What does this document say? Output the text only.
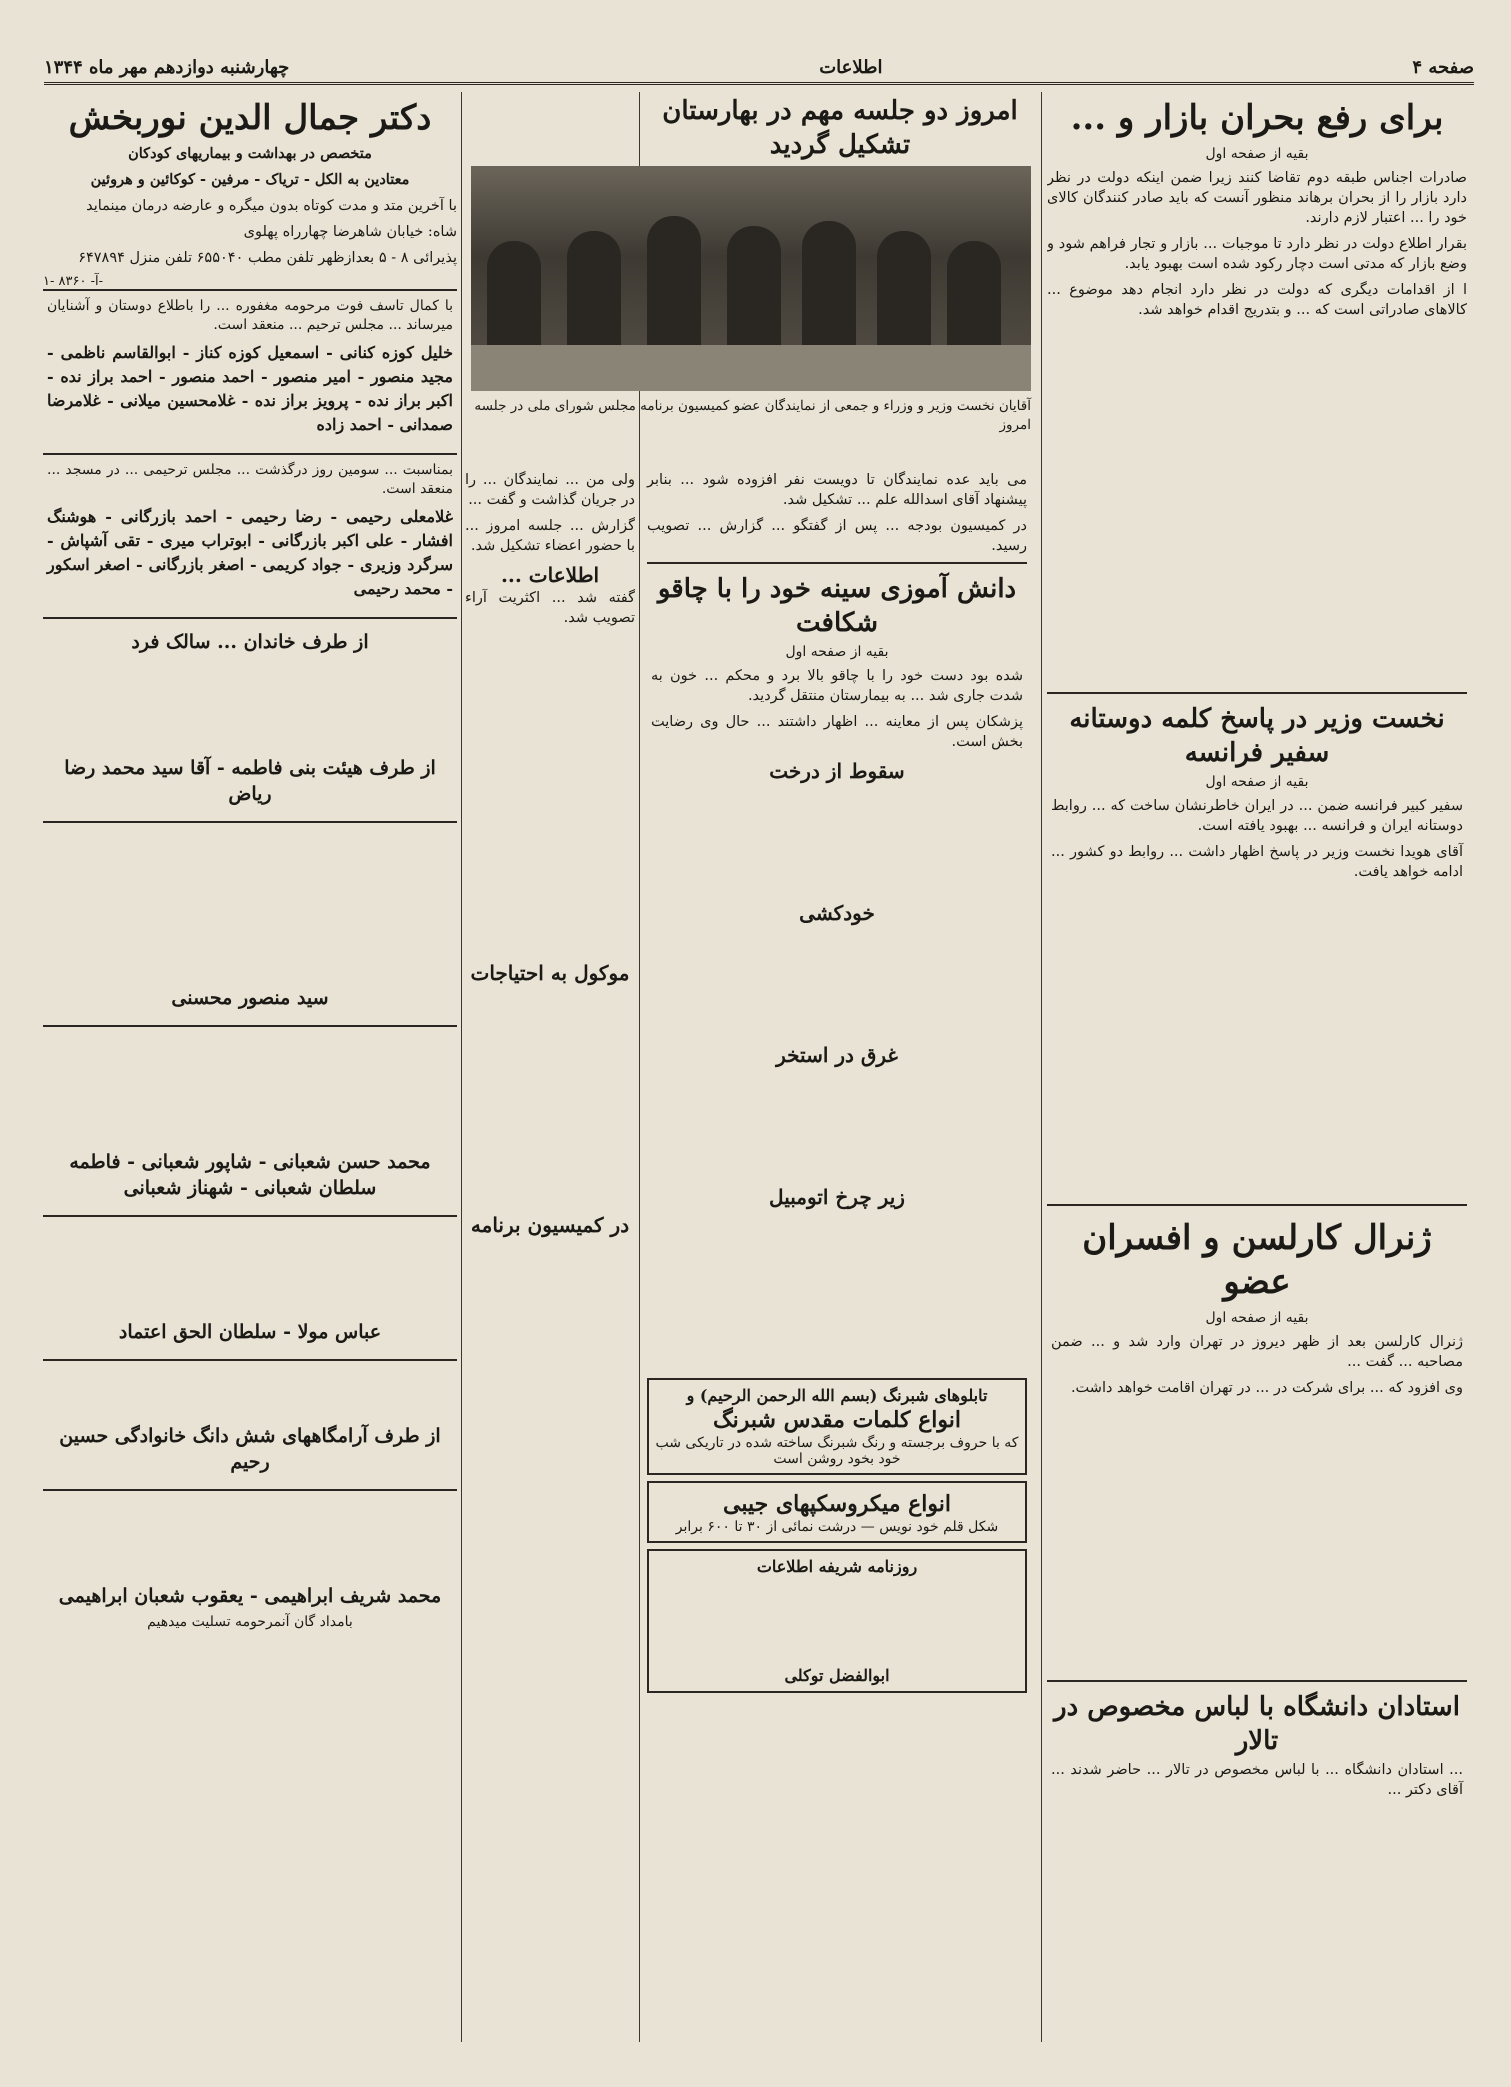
صفحه ۴
اطلاعات
چهارشنبه دوازدهم مهر ماه ۱۳۴۴
برای رفع بحران بازار و ...
بقیه از صفحه اول

صادرات اجناس طبقه دوم تقاضا کنند زیرا ضمن اینکه دولت در نظر دارد بازار را از بحران برهاند منظور آنست که باید صادر کنندگان کالای خود را ... اعتبار لازم دارند.

بقرار اطلاع دولت در نظر دارد تا موجبات ... بازار و تجار فراهم شود و وضع بازار که مدتی است دچار رکود شده است بهبود یابد.

ا از اقدامات دیگری که دولت در نظر دارد انجام دهد موضوع ... کالاهای صادراتی است که ... و بتدریج اقدام خواهد شد.

نخست وزیر در پاسخ کلمه دوستانه سفیر فرانسه
بقیه از صفحه اول

سفیر کبیر فرانسه ضمن ... در ایران خاطرنشان ساخت که ... روابط دوستانه ایران و فرانسه ... بهبود یافته است.

آقای هویدا نخست وزیر در پاسخ اظهار داشت ... روابط دو کشور ... ادامه خواهد یافت.

ژنرال کارلسن و افسران عضو
بقیه از صفحه اول

ژنرال کارلسن بعد از ظهر دیروز در تهران وارد شد و ... ضمن مصاحبه ... گفت ...

وی افزود که ... برای شرکت در ... در تهران اقامت خواهد داشت.

استادان دانشگاه با لباس مخصوص در تالار

... استادان دانشگاه ... با لباس مخصوص در تالار ... حاضر شدند ... آقای دکتر ...

امروز دو جلسه مهم در بهارستان تشکیل گردید

ولی من ... نمایندگان ... را در جریان گذاشت و گفت ...

گزارش ... جلسه امروز ... با حضور اعضاء تشکیل شد.

اطلاعات ...

گفته شد ... اکثریت آراء تصویب شد.

موکول به احتیاجات

در کمیسیون برنامه
آقایان نخست وزیر و وزراء و جمعی از نمایندگان عضو کمیسیون برنامه مجلس شورای ملی در جلسه امروز

می باید عده نمایندگان تا دویست نفر افزوده شود ... بنابر پیشنهاد آقای اسدالله علم ... تشکیل شد.

در کمیسیون بودجه ... پس از گفتگو ... گزارش ... تصویب رسید.

دانش آموزی سینه خود را با چاقو شکافت
بقیه از صفحه اول

شده بود دست خود را با چاقو بالا برد و محکم ... خون به شدت جاری شد ... به بیمارستان منتقل گردید.

پزشکان پس از معاینه ... اظهار داشتند ... حال وی رضایت بخش است.

سقوط از درخت

خودکشی

غرق در استخر

زیر چرخ اتومبیل

تابلوهای شبرنگ (بسم الله الرحمن الرحیم) و
انواع کلمات مقدس شبرنگ
که با حروف برجسته و رنگ شبرنگ ساخته شده در تاریکی شب خود بخود روشن است
انواع میکروسکپهای جیبی
شکل قلم خود نویس — درشت نمائی از ۳۰ تا ۶۰۰ برابر
روزنامه شریفه اطلاعات
ابوالفضل توکلی
دکتر جمال الدین نوربخش

متخصص در بهداشت و بیماریهای کودکان

معتادین به الکل - تریاک - مرفین - کوکائین و هروئین

با آخرین متد و مدت کوتاه بدون میگره و عارضه درمان مینماید

شاه: خیابان شاهرضا چهارراه پهلوی

پذیرائی ۸ - ۵ بعدازظهر تلفن مطب ۶۵۵۰۴۰ تلفن منزل ۶۴۷۸۹۴

آ- ۸۳۶۰ -۱-

با کمال تاسف فوت مرحومه مغفوره ... را باطلاع دوستان و آشنایان میرساند ... مجلس ترحیم ... منعقد است.

خلیل کوزه کنانی - اسمعیل کوزه کناز - ابوالقاسم ناظمی - مجید منصور - امیر منصور - احمد منصور - احمد براز نده - اکبر براز نده - پرویز براز نده - غلامحسین میلانی - غلامرضا صمدانی - احمد زاده

بمناسبت ... سومین روز درگذشت ... مجلس ترحیمی ... در مسجد ... منعقد است.

غلامعلی رحیمی - رضا رحیمی - احمد بازرگانی - هوشنگ افشار - علی اکبر بازرگانی - ابوتراب میری - تقی آشپاش - سرگرد وزیری - جواد کریمی - اصغر بازرگانی - اصغر اسکور - محمد رحیمی

از طرف خاندان ... سالک فرد

از طرف هیئت بنی فاطمه - آقا سید محمد رضا ریاض

سید منصور محسنی

محمد حسن شعبانی - شاپور شعبانی - فاطمه سلطان شعبانی - شهناز شعبانی

عباس مولا - سلطان الحق اعتماد

از طرف آرامگاههای شش دانگ خانوادگی حسین رحیم

محمد شریف ابراهیمی - یعقوب شعبان ابراهیمی

بامداد گان آنمرحومه تسلیت میدهیم
